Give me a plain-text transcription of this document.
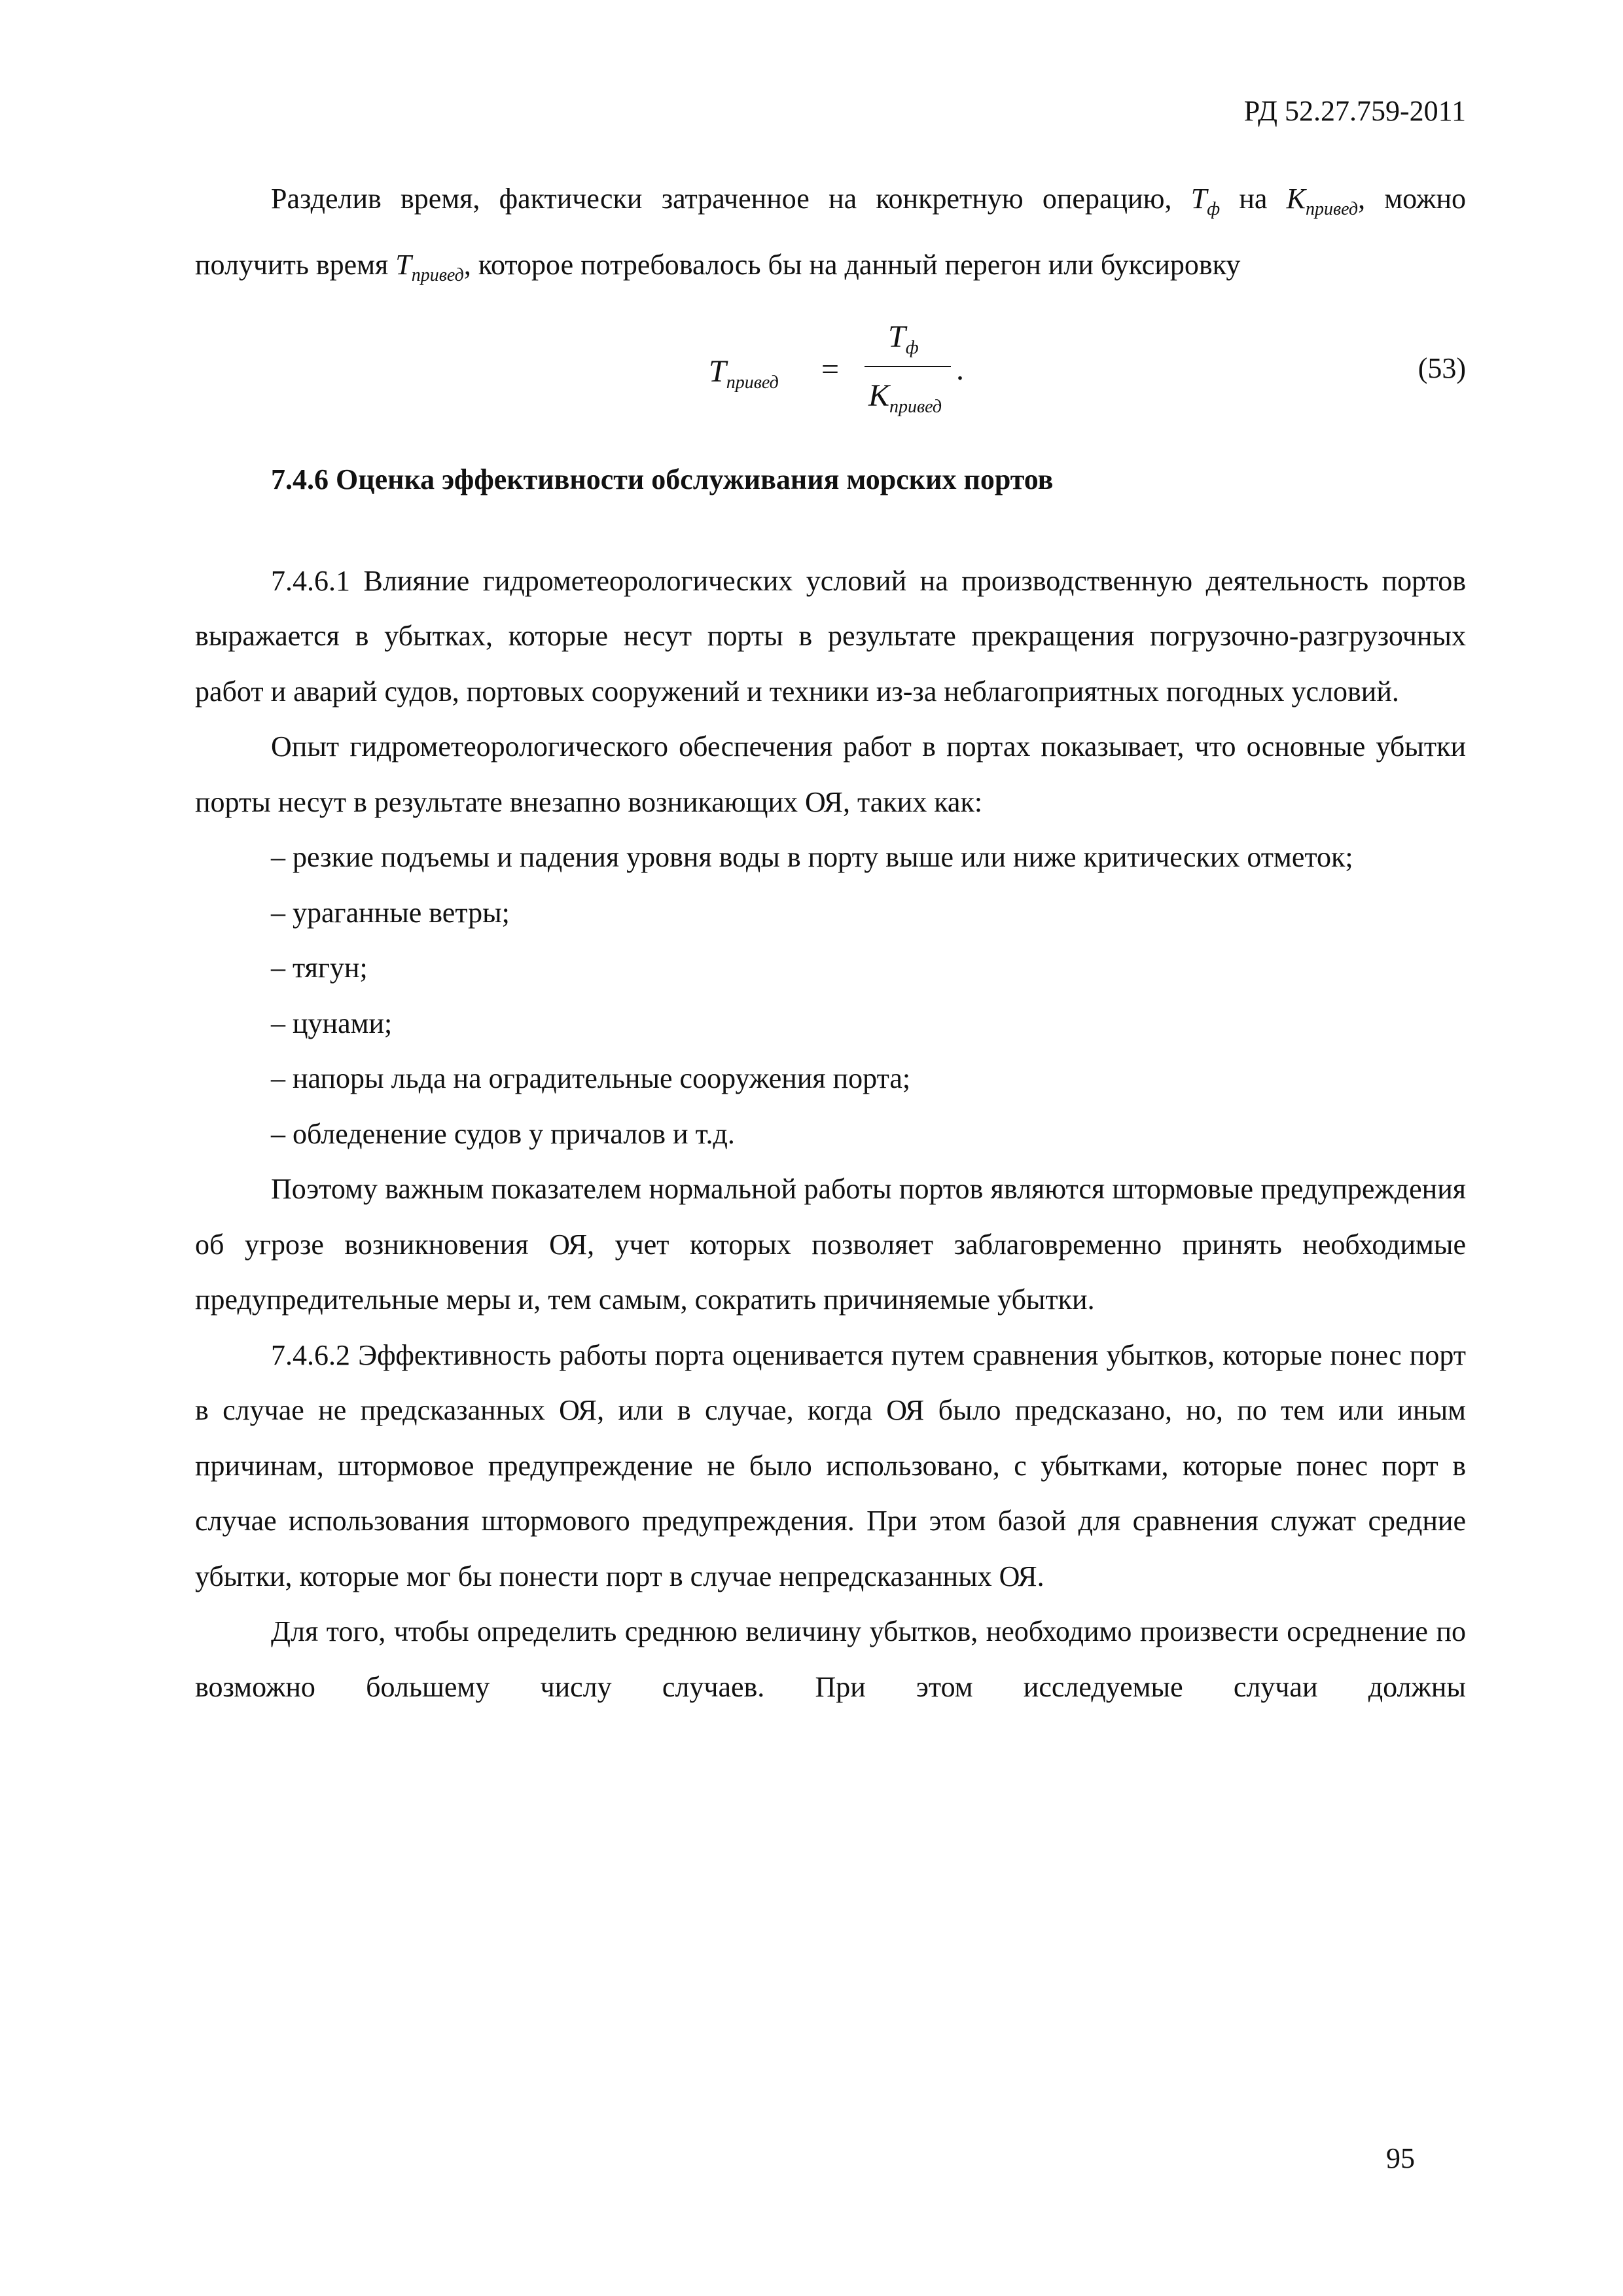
РД 52.27.759-2011

Разделив время, фактически затраченное на конкретную операцию, $T_ф$ на $K_{привед}$, можно получить время $T_{привед}$, которое потребовалось бы на данный перегон или буксировку

$T_{привед}$ =
$T_ф$
$K_{привед}$
.	(53)

7.4.6 Оценка эффективности обслуживания морских портов

7.4.6.1 Влияние гидрометеорологических условий на производственную деятельность портов выражается в убытках, которые несут порты в результате прекращения погрузочно-разгрузочных работ и аварий судов, портовых сооружений и техники из-за неблагоприятных погодных условий.

Опыт гидрометеорологического обеспечения работ в портах показывает, что основные убытки порты несут в результате внезапно возникающих ОЯ, таких как:

– резкие подъемы и падения уровня воды в порту выше или ниже критических отметок;

– ураганные ветры;

– тягун;

– цунами;

– напоры льда на оградительные сооружения порта;

– обледенение судов у причалов и т.д.

Поэтому важным показателем нормальной работы портов являются штормовые предупреждения об угрозе возникновения ОЯ, учет которых позволяет заблаговременно принять необходимые предупредительные меры и, тем самым, сократить причиняемые убытки.

7.4.6.2 Эффективность работы порта оценивается путем сравнения убытков, которые понес порт в случае не предсказанных ОЯ, или в случае, когда ОЯ было предсказано, но, по тем или иным причинам, штормовое предупреждение не было использовано, с убытками, которые понес порт в случае использования штормового предупреждения. При этом базой для сравнения служат средние убытки, которые мог бы понести порт в случае непредсказанных ОЯ.

Для того, чтобы определить среднюю величину убытков, необходимо произвести осреднение по возможно большему числу случаев. При этом исследуемые случаи должны

95
